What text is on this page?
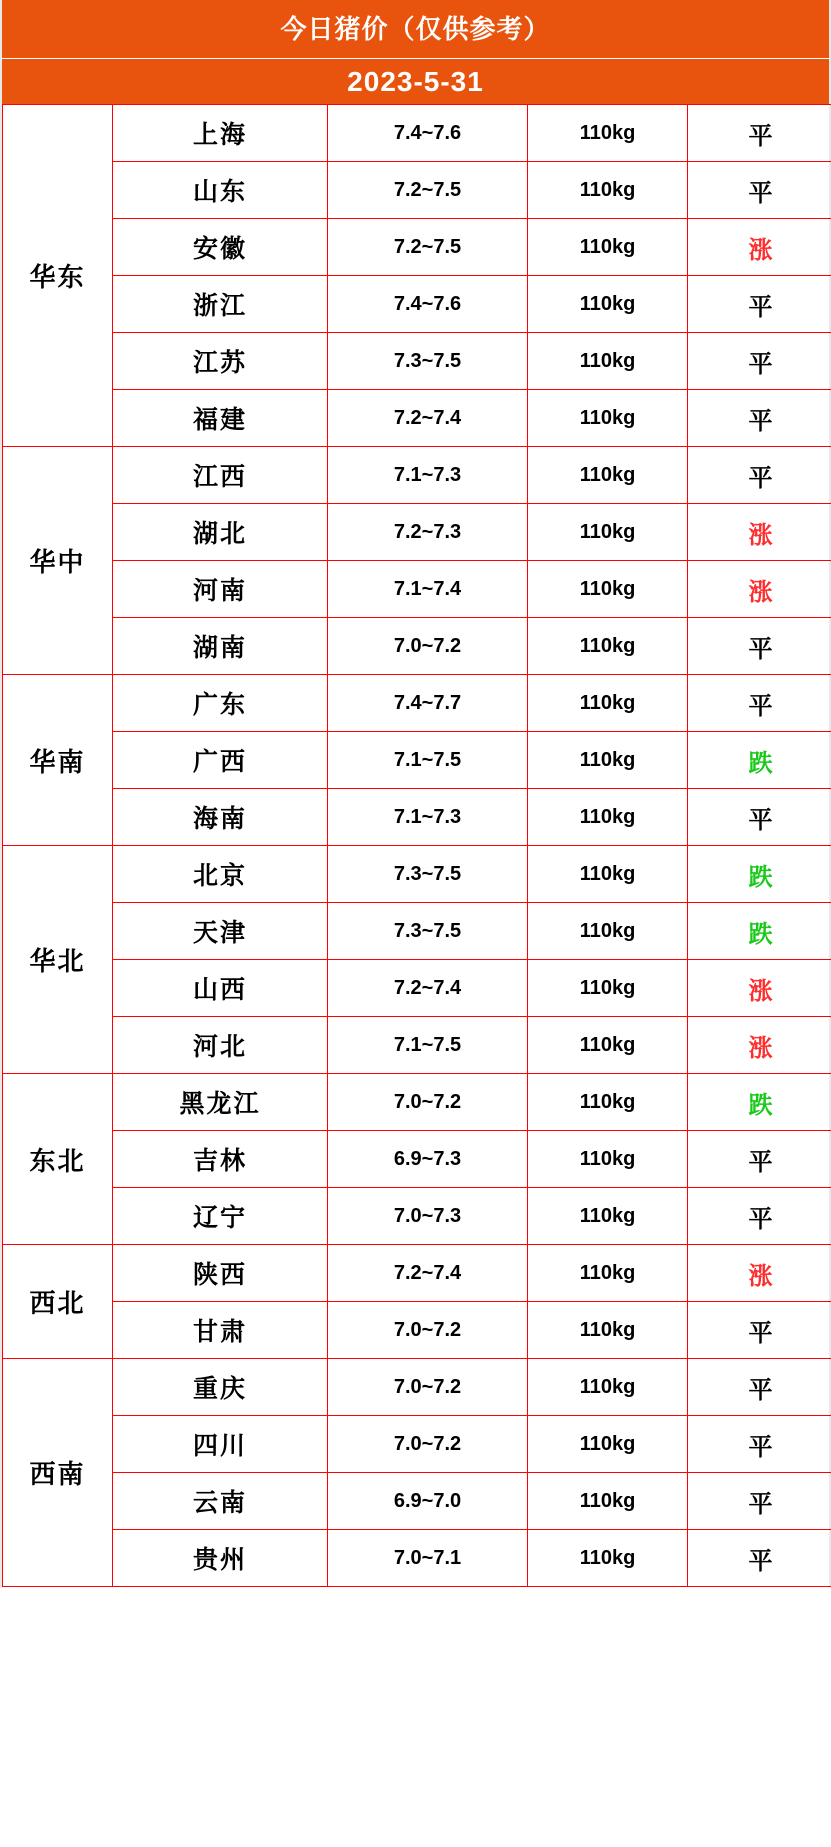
今日猪价（仅供参考）
2023-5-31
华东	上海	7.4~7.6	110kg	平
	山东	7.2~7.5	110kg	平
	安徽	7.2~7.5	110kg	涨
	浙江	7.4~7.6	110kg	平
	江苏	7.3~7.5	110kg	平
	福建	7.2~7.4	110kg	平
华中	江西	7.1~7.3	110kg	平
	湖北	7.2~7.3	110kg	涨
	河南	7.1~7.4	110kg	涨
	湖南	7.0~7.2	110kg	平
华南	广东	7.4~7.7	110kg	平
	广西	7.1~7.5	110kg	跌
	海南	7.1~7.3	110kg	平
华北	北京	7.3~7.5	110kg	跌
	天津	7.3~7.5	110kg	跌
	山西	7.2~7.4	110kg	涨
	河北	7.1~7.5	110kg	涨
东北	黑龙江	7.0~7.2	110kg	跌
	吉林	6.9~7.3	110kg	平
	辽宁	7.0~7.3	110kg	平
西北	陕西	7.2~7.4	110kg	涨
	甘肃	7.0~7.2	110kg	平
西南	重庆	7.0~7.2	110kg	平
	四川	7.0~7.2	110kg	平
	云南	6.9~7.0	110kg	平
	贵州	7.0~7.1	110kg	平
